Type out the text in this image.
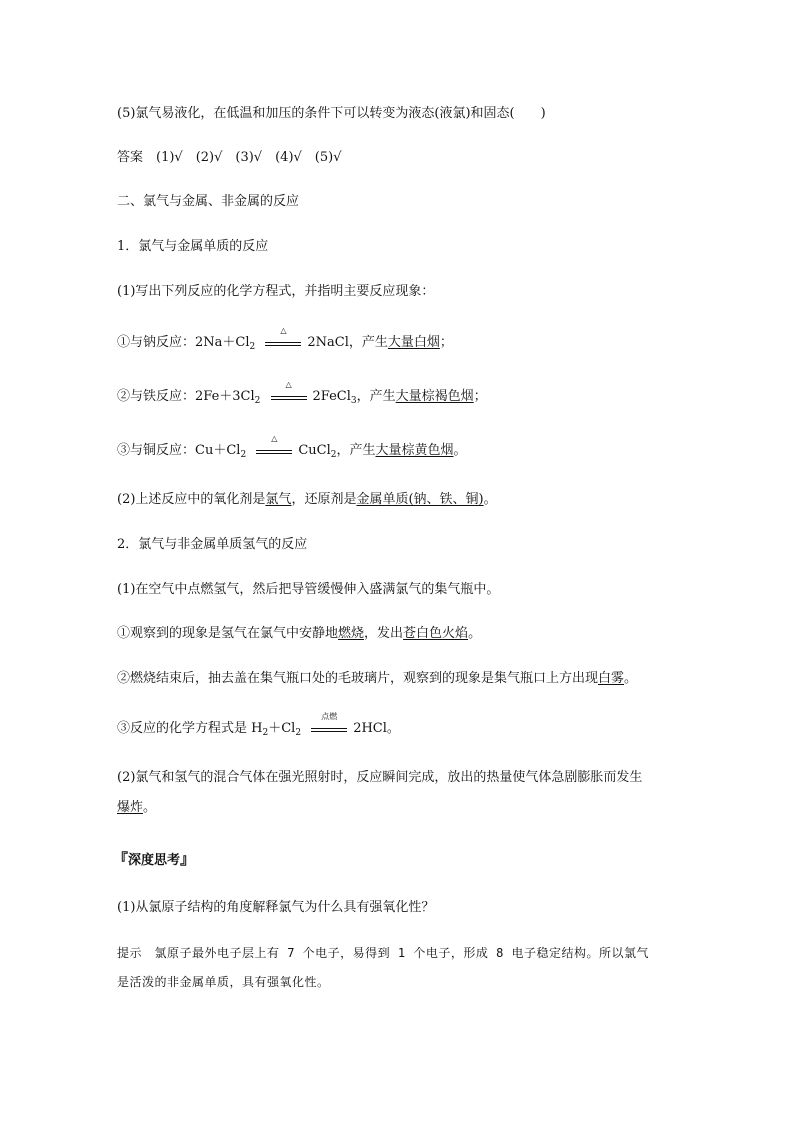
(5)氯气易液化，在低温和加压的条件下可以转变为液态(液氯)和固态(　　)
答案　(1)√　(2)√　(3)√　(4)√　(5)√
二、氯气与金属、非金属的反应
1．氯气与金属单质的反应
(1)写出下列反应的化学方程式，并指明主要反应现象：
①与钠反应：$2Na+Cl_2$
△
2NaCl，产生大量白烟；
②与铁反应：$2Fe+3Cl_2$
△
2FeCl$_3$，产生大量棕褐色烟；
③与铜反应：$Cu+Cl_2$
△
CuCl$_2$，产生大量棕黄色烟。
(2)上述反应中的氧化剂是氯气，还原剂是金属单质(钠、铁、铜)。
2．氯气与非金属单质氢气的反应
(1)在空气中点燃氢气，然后把导管缓慢伸入盛满氯气的集气瓶中。
①观察到的现象是氢气在氯气中安静地燃烧，发出苍白色火焰。
②燃烧结束后，抽去盖在集气瓶口处的毛玻璃片，观察到的现象是集气瓶口上方出现白雾。
③反应的化学方程式是 $H_2+Cl_2$
点燃
2HCl。
(2)氯气和氢气的混合气体在强光照射时，反应瞬间完成，放出的热量使气体急剧膨胀而发生
爆炸。
『深度思考』
(1)从氯原子结构的角度解释氯气为什么具有强氧化性？
提示　氯原子最外电子层上有 7 个电子，易得到 1 个电子，形成 8 电子稳定结构。所以氯气
是活泼的非金属单质，具有强氧化性。
